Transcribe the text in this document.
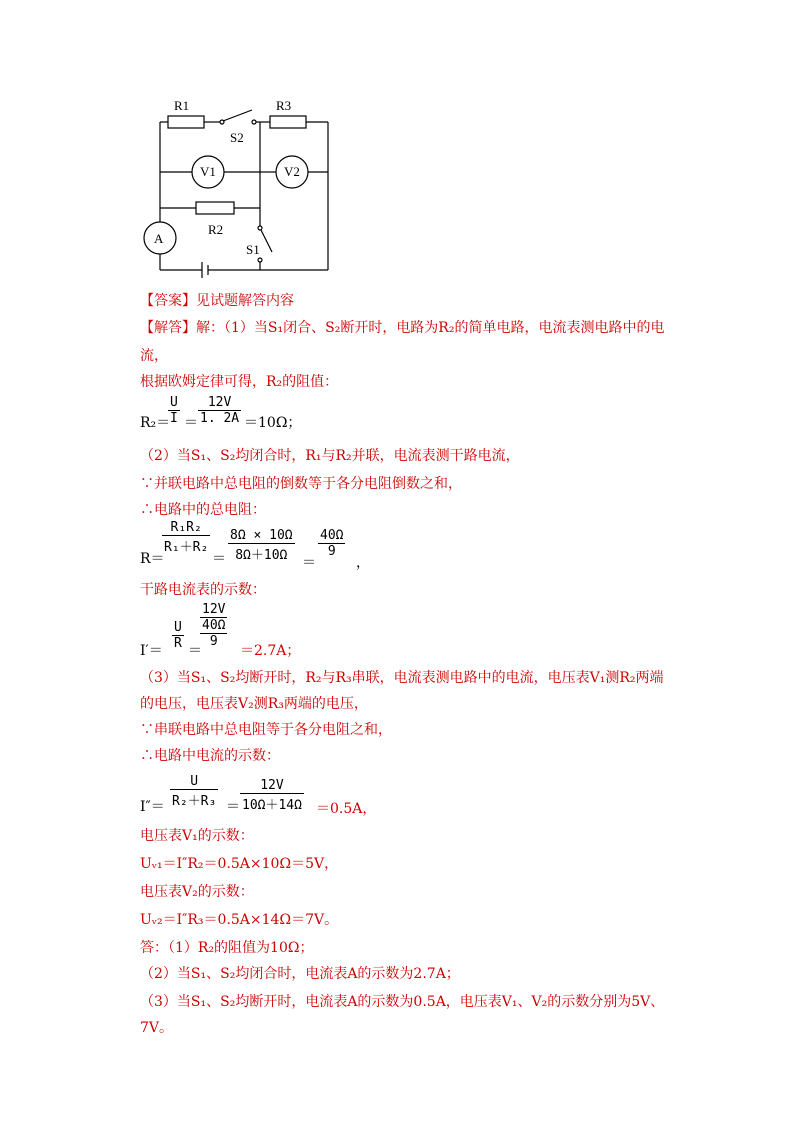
R1
S2
R3
V1	V2
R2
A
S1
【答案】见试题解答内容
【解答】解：（1）当S₁闭合、S₂断开时，电路为R₂的简单电路，电流表测电路中的电
流，
根据欧姆定律可得，R₂的阻值：
R₂＝
$\frac{U}{I} = \frac{12V}{1. 2A} =10\Omega$；
（2）当S₁、S₂均闭合时，R₁与R₂并联，电流表测干路电流，
∵并联电路中总电阻的倒数等于各分电阻倒数之和，
∴电路中的总电阻：
R＝
$\frac{\text{R₁R₂}}{\text{R₁＋R₂}}$
＝ $\frac{8\Omega \times 10\Omega}{8\Omega+10\Omega}$ ＝
$\frac{40\Omega}{9}$
，
干路电流表的示数：
$I'= \frac{U}{R}$ ＝
12V
40Ω
9
＝2.7A；
（3）当S₁、S₂均断开时，R₂与R₃串联，电流表测电路中的电流，电压表V₁测R₂两端
的电压，电压表V₂测R₃两端的电压，
∵串联电路中总电阻等于各分电阻之和，
∴电路中电流的示数：
$I''= \frac{U}{\text{R₂＋R₃}} = \frac{12V}{10\Omega+14\Omega} =0.5A$，
电压表V₁的示数：
Uᵥ₁＝I″R₂＝0.5A×10Ω＝5V，
电压表V₂的示数：
Uᵥ₂＝I″R₃＝0.5A×14Ω＝7V。
答：（1）R₂的阻值为10Ω；
（2）当S₁、S₂均闭合时，电流表A的示数为2.7A；
（3）当S₁、S₂均断开时，电流表A的示数为0.5A，电压表V₁、V₂的示数分别为5V、
7V。
